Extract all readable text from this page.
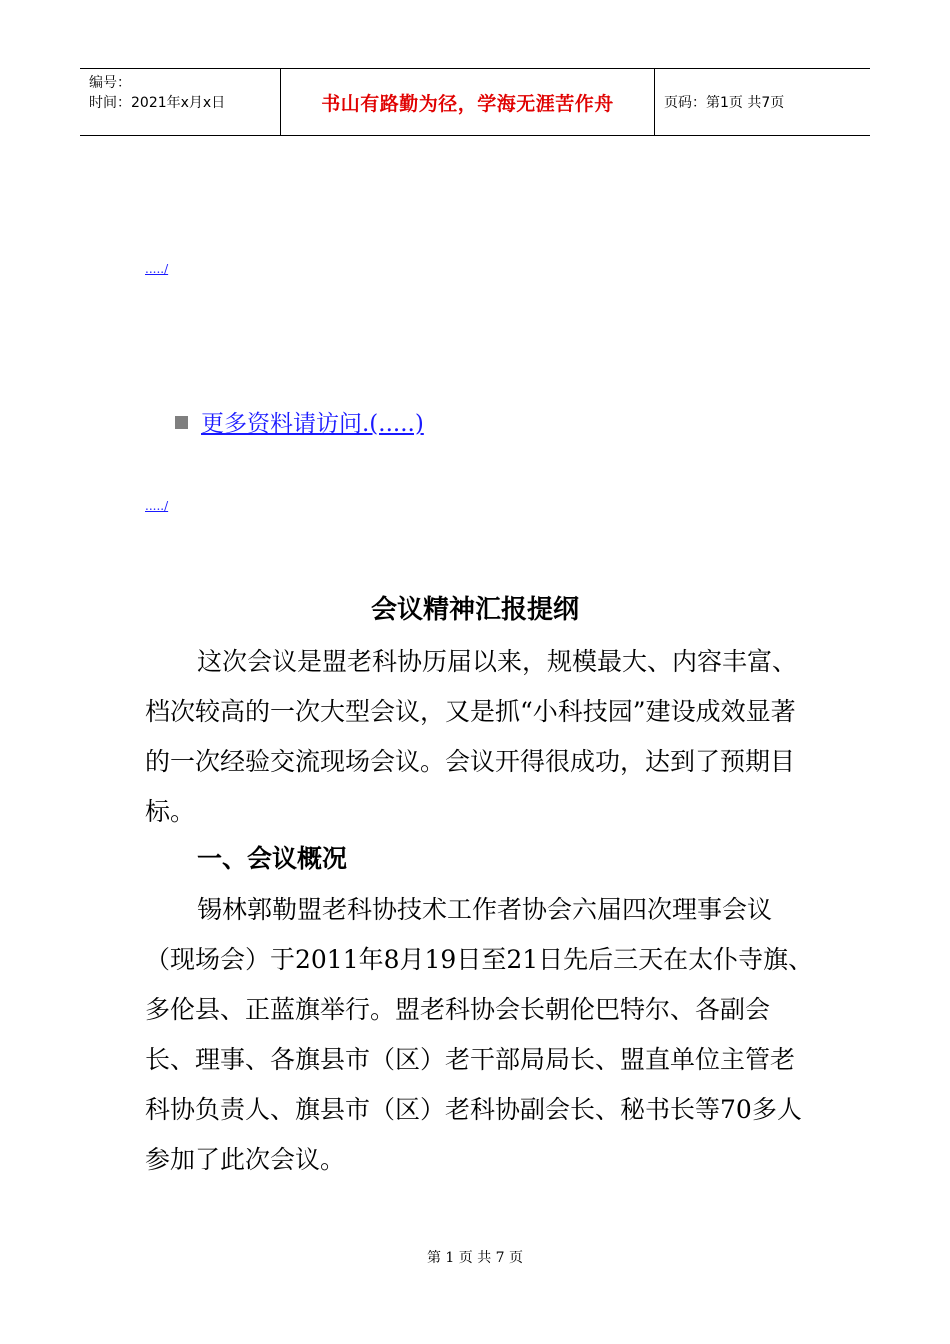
编号：
时间：2021年x月x日	书山有路勤为径，学海无涯苦作舟	页码：第1页 共7页
...../
更多资料请访问.(.....)
...../
会议精神汇报提纲

这次会议是盟老科协历届以来，规模最大、内容丰富、档次较高的一次大型会议，又是抓“小科技园”建设成效显著的一次经验交流现场会议。会议开得很成功，达到了预期目标。

一、会议概况

锡林郭勒盟老科协技术工作者协会六届四次理事会议（现场会）于2011年8月19日至21日先后三天在太仆寺旗、多伦县、正蓝旗举行。盟老科协会长朝伦巴特尔、各副会长、理事、各旗县市（区）老干部局局长、盟直单位主管老科协负责人、旗县市（区）老科协副会长、秘书长等70多人参加了此次会议。

第 1 页 共 7 页
